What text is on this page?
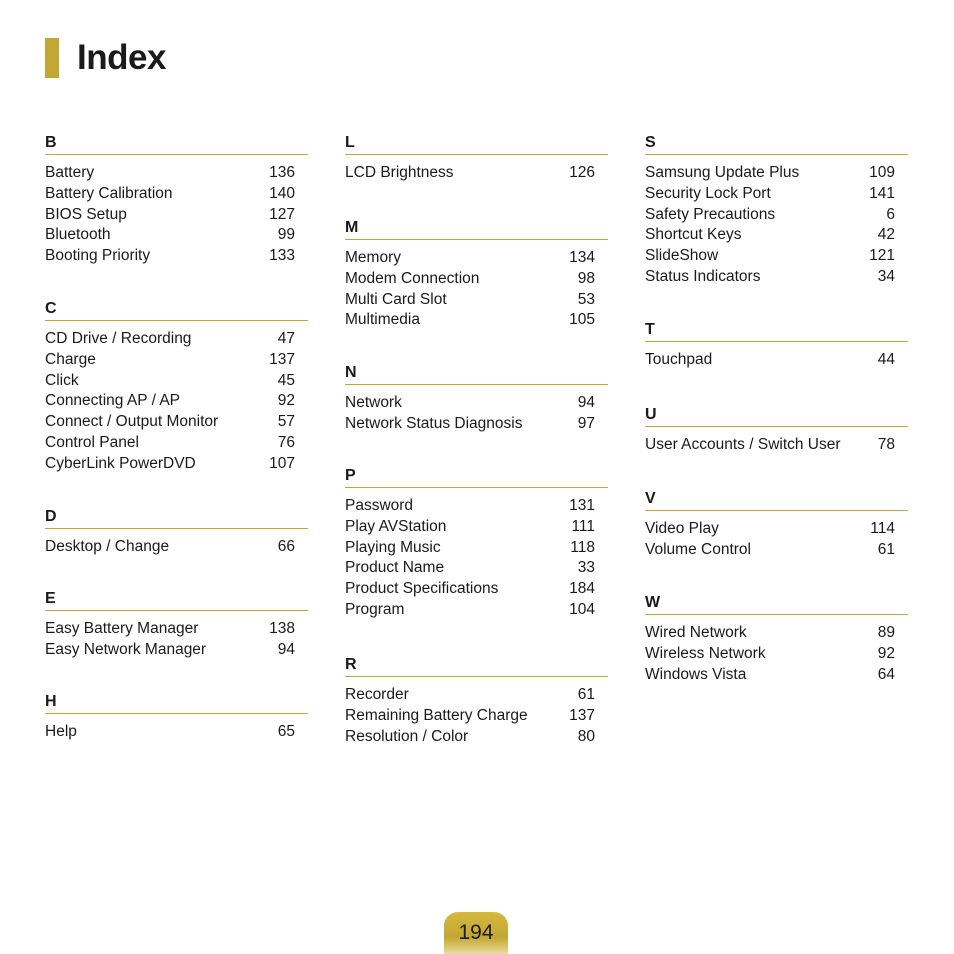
Index
B
Battery	136
Battery Calibration	140
BIOS Setup	127
Bluetooth	99
Booting Priority	133
C
CD Drive / Recording	47
Charge	137
Click	45
Connecting AP / AP	92
Connect / Output Monitor	57
Control Panel	76
CyberLink PowerDVD	107
D
Desktop / Change	66
E
Easy Battery Manager	138
Easy Network Manager	94
H
Help	65
L
LCD Brightness	126
M
Memory	134
Modem Connection	98
Multi Card Slot	53
Multimedia	105
N
Network	94
Network Status Diagnosis	97
P
Password	131
Play AVStation	111
Playing Music	118
Product Name	33
Product Specifications	184
Program	104
R
Recorder	61
Remaining Battery Charge	137
Resolution / Color	80
S
Samsung Update Plus	109
Security Lock Port	141
Safety Precautions	6
Shortcut Keys	42
SlideShow	121
Status Indicators	34
T
Touchpad	44
U
User Accounts / Switch User	78
V
Video Play	114
Volume Control	61
W
Wired Network	89
Wireless Network	92
Windows Vista	64
194
